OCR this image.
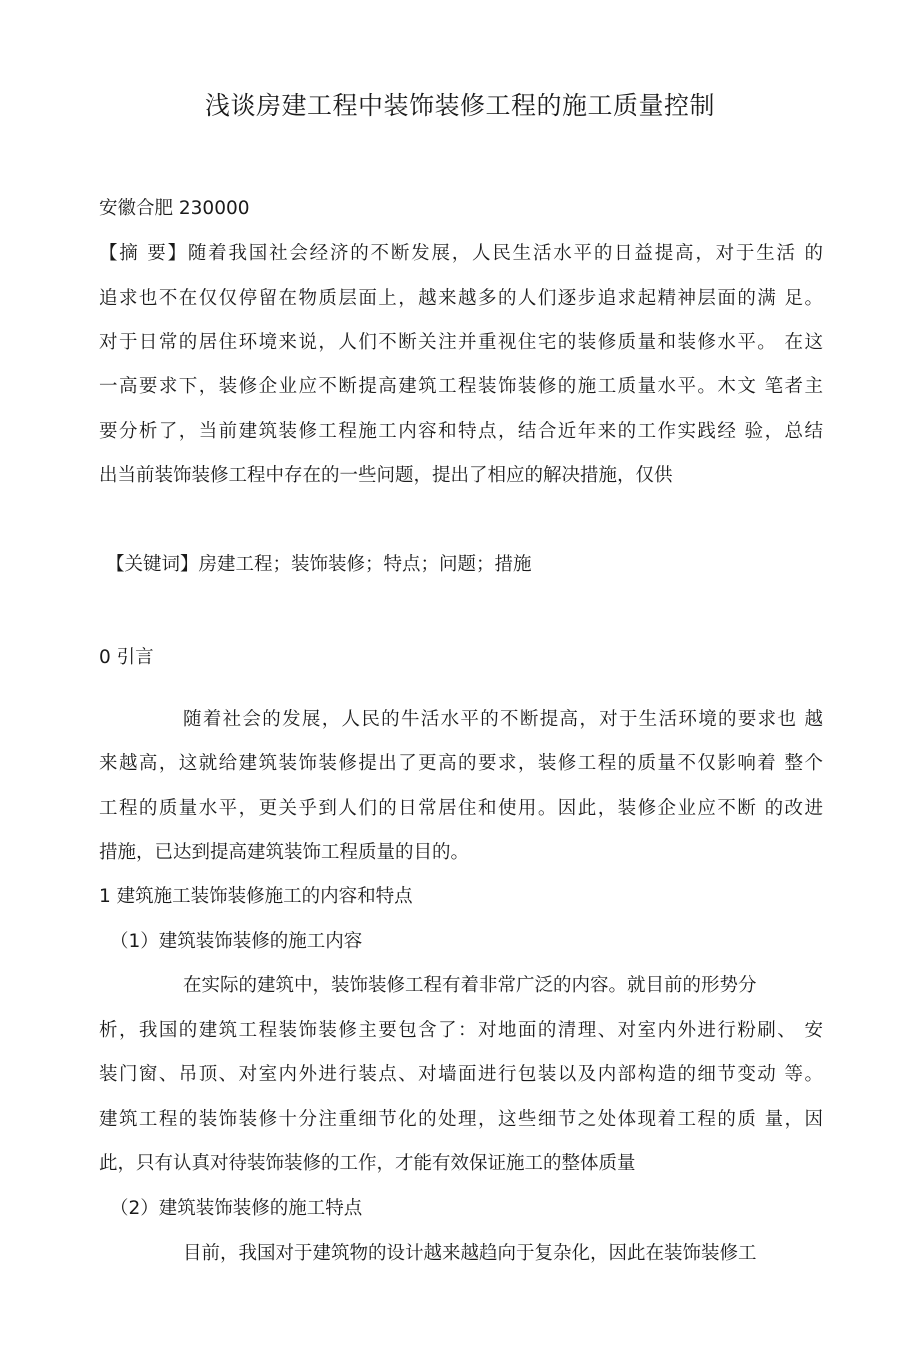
浅谈房建工程中装饰装修工程的施工质量控制
安徽合肥 230000
【摘 要】随着我国社会经济的不断发展，人民生活水平的日益提高，对于生活 的
追求也不在仅仅停留在物质层面上，越来越多的人们逐步追求起精神层面的满 足。
对于日常的居住环境来说，人们不断关注并重视住宅的装修质量和装修水平。 在这
一高要求下，装修企业应不断提高建筑工程装饰装修的施工质量水平。木文 笔者主
要分析了，当前建筑装修工程施工内容和特点，结合近年来的工作实践经 验，总结
出当前装饰装修工程中存在的一些问题，提出了相应的解决措施，仅供
【关键词】房建工程；装饰装修；特点；问题；措施
0 引言
随着社会的发展，人民的牛活水平的不断提高，对于生活环境的要求也 越
来越高，这就给建筑装饰装修提出了更高的要求，装修工程的质量不仅影响着 整个
工程的质量水平，更关乎到人们的日常居住和使用。因此，装修企业应不断 的改进
措施，已达到提高建筑装饰工程质量的目的。
1 建筑施工装饰装修施工的内容和特点
（1）建筑装饰装修的施工内容
在实际的建筑中，装饰装修工程有着非常广泛的内容。就目前的形势分
析，我国的建筑工程装饰装修主要包含了：对地面的清理、对室内外进行粉刷、 安
装门窗、吊顶、对室内外进行装点、对墙面进行包装以及内部构造的细节变动 等。
建筑工程的装饰装修十分注重细节化的处理，这些细节之处体现着工程的质 量，因
此，只有认真对待装饰装修的工作，才能有效保证施工的整体质量
（2）建筑装饰装修的施工特点
目前，我国对于建筑物的设计越来越趋向于复杂化，因此在装饰装修工
